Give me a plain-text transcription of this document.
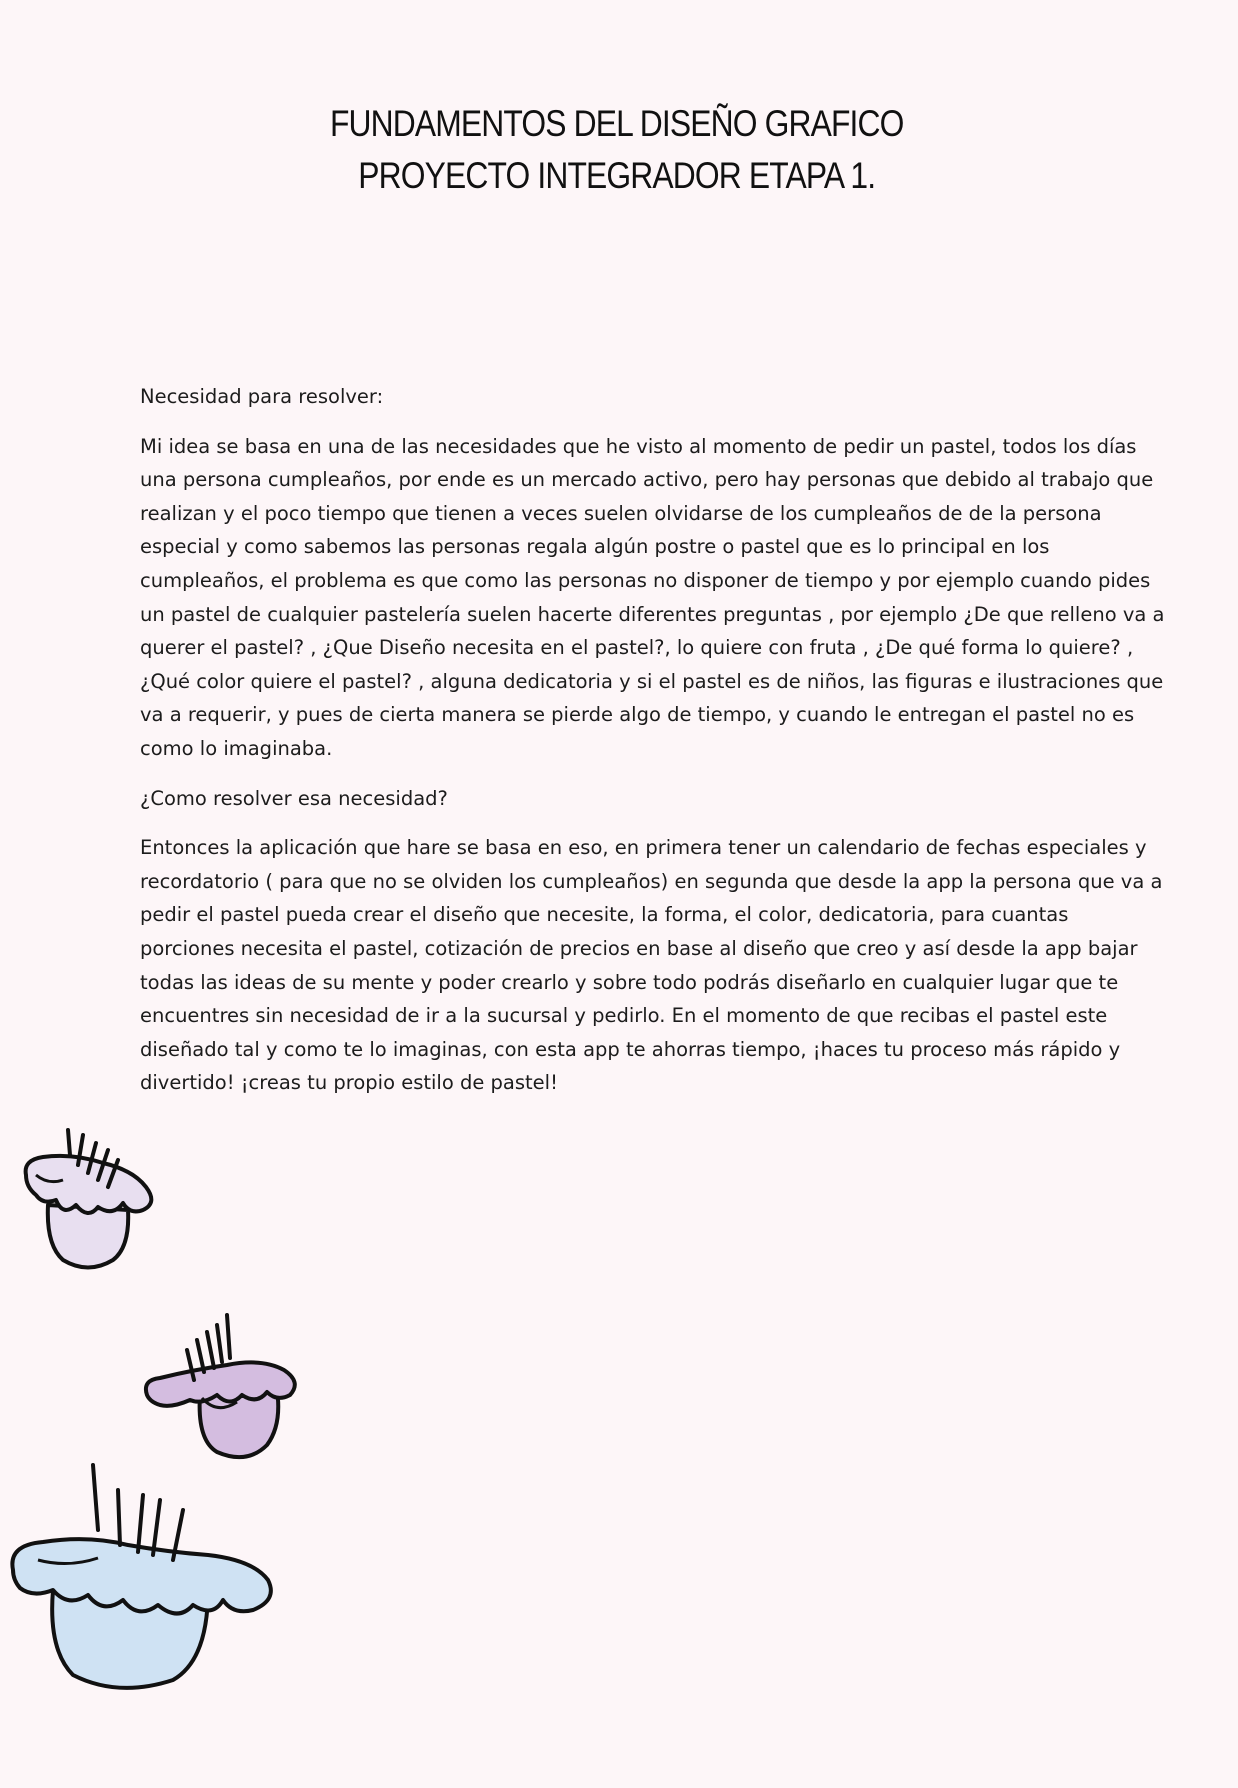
FUNDAMENTOS DEL DISEÑO GRAFICO
PROYECTO INTEGRADOR ETAPA 1.

Necesidad para resolver:

Mi idea se basa en una de las necesidades que he visto al momento de pedir un pastel, todos los días una persona cumpleaños, por ende es un mercado activo, pero hay personas que debido al trabajo que realizan y el poco tiempo que tienen a veces suelen olvidarse de los cumpleaños de de la persona especial y como sabemos las personas regala algún postre o pastel que es lo principal en los cumpleaños, el problema es que como las personas no disponer de tiempo y por ejemplo cuando pides un pastel de cualquier pastelería suelen hacerte diferentes preguntas , por ejemplo ¿De que relleno va a querer el pastel? , ¿Que Diseño necesita en el pastel?, lo quiere con fruta , ¿De qué forma lo quiere? , ¿Qué color quiere el pastel? , alguna dedicatoria y si el pastel es de niños, las figuras e ilustraciones que va a requerir, y pues de cierta manera se pierde algo de tiempo, y cuando le entregan el pastel no es como lo imaginaba.

¿Como resolver esa necesidad?

Entonces la aplicación que hare se basa en eso, en primera tener un calendario de fechas especiales y recordatorio ( para que no se olviden los cumpleaños) en segunda que desde la app la persona que va a pedir el pastel pueda crear el diseño que necesite, la forma, el color, dedicatoria, para cuantas porciones necesita el pastel, cotización de precios en base al diseño que creo y así desde la app bajar todas las ideas de su mente y poder crearlo y sobre todo podrás diseñarlo en cualquier lugar que te encuentres sin necesidad de ir a la sucursal y pedirlo. En el momento de que recibas el pastel este diseñado tal y como te lo imaginas, con esta app te ahorras tiempo, ¡haces tu proceso más rápido y divertido! ¡creas tu propio estilo de pastel!
